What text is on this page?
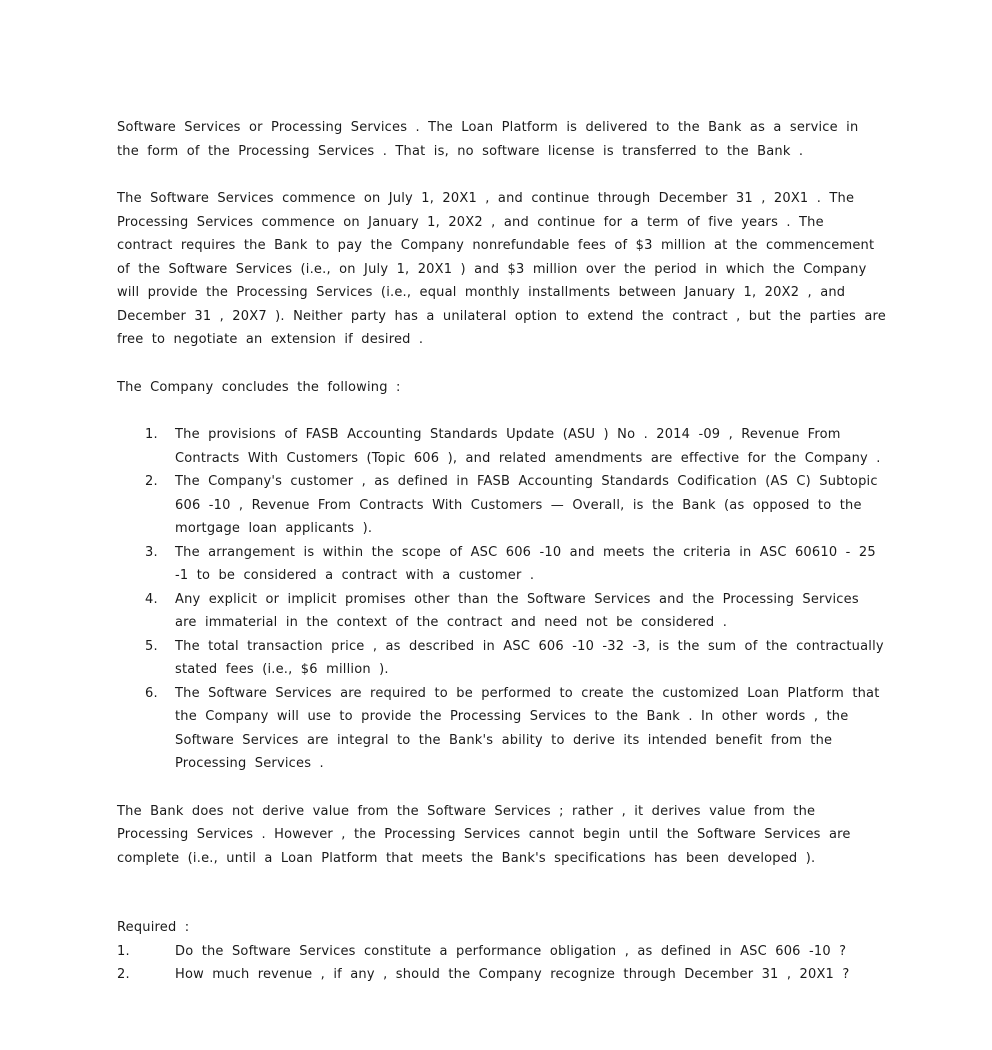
Software Services or Processing Services . The Loan Platform is delivered to the Bank as a service in the form of the Processing Services . That is, no software license is transferred to the Bank .

The Software Services commence on July 1, 20X1 , and continue through December 31 , 20X1 . The Processing Services commence on January 1, 20X2 , and continue for a term of five years . The contract requires the Bank to pay the Company nonrefundable fees of $3 million at the commencement of the Software Services (i.e., on July 1, 20X1 ) and $3 million over the period in which the Company will provide the Processing Services (i.e., equal monthly installments between January 1, 20X2 , and December 31 , 20X7 ). Neither party has a unilateral option to extend the contract , but the parties are free to negotiate an extension if desired .

The Company concludes the following :

1. The provisions of FASB Accounting Standards Update (ASU ) No . 2014 -09 , Revenue From Contracts With Customers (Topic 606 ), and related amendments are effective for the Company .
2. The Company's customer , as defined in FASB Accounting Standards Codification (AS C) Subtopic 606 -10 , Revenue From Contracts With Customers — Overall, is the Bank (as opposed to the mortgage loan applicants ).
3. The arrangement is within the scope of ASC 606 -10 and meets the criteria in ASC 60610 - 25 -1 to be considered a contract with a customer .
4. Any explicit or implicit promises other than the Software Services and the Processing Services are immaterial in the context of the contract and need not be considered .
5. The total transaction price , as described in ASC 606 -10 -32 -3, is the sum of the contractually stated fees (i.e., $6 million ).
6. The Software Services are required to be performed to create the customized Loan Platform that the Company will use to provide the Processing Services to the Bank . In other words , the Software Services are integral to the Bank's ability to derive its intended benefit from the Processing Services .

The Bank does not derive value from the Software Services ; rather , it derives value from the Processing Services . However , the Processing Services cannot begin until the Software Services are complete (i.e., until a Loan Platform that meets the Bank's specifications has been developed ).

Required :

1.	Do the Software Services constitute a performance obligation , as defined in ASC 606 -10 ?

2.	How much revenue , if any , should the Company recognize through December 31 , 20X1 ?
